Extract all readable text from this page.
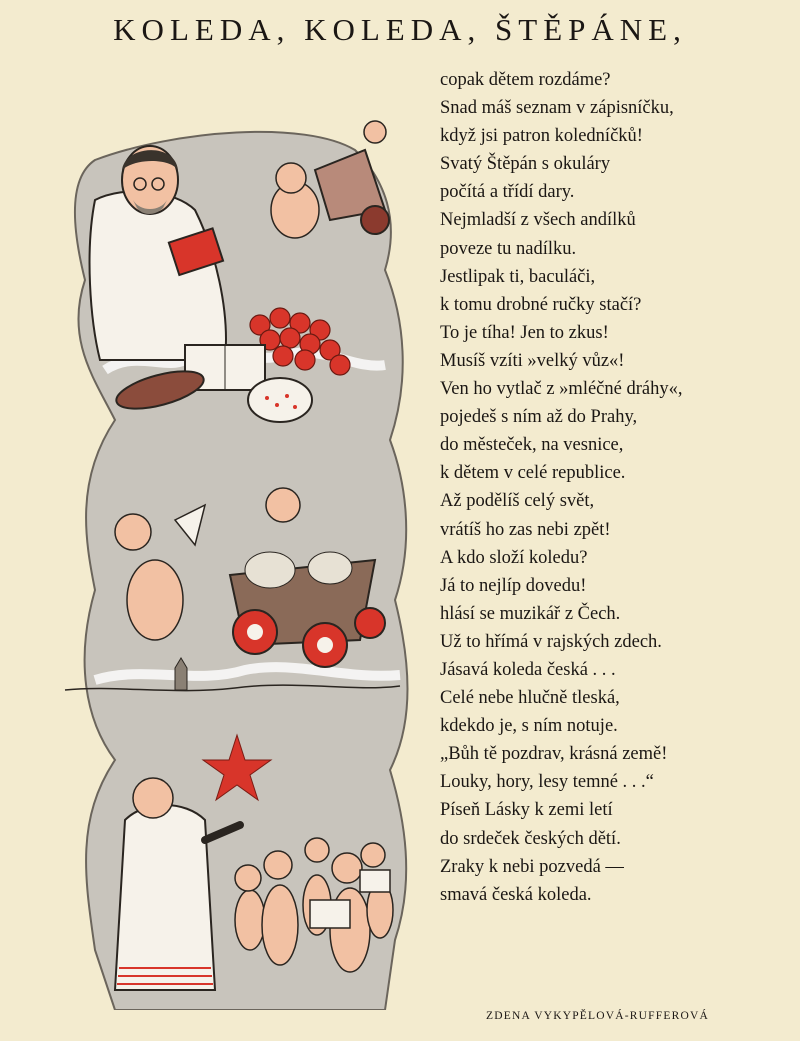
KOLEDA, KOLEDA, ŠTĚPÁNE,
copak dětem rozdáme?
Snad máš seznam v zápisníčku,
když jsi patron koledníčků!
Svatý Štěpán s okuláry
počítá a třídí dary.
Nejmladší z všech andílků
poveze tu nadílku.
Jestlipak ti, baculáči,
k tomu drobné ručky stačí?
To je tíha! Jen to zkus!
Musíš vzíti »velký vůz«!
Ven ho vytlač z »mléčné dráhy«,
pojedeš s ním až do Prahy,
do městeček, na vesnice,
k dětem v celé republice.
Až podělíš celý svět,
vrátíš ho zas nebi zpět!
A kdo složí koledu?
Já to nejlíp dovedu!
hlásí se muzikář z Čech.
Už to hřímá v rajských zdech.
Jásavá koleda česká . . .
Celé nebe hlučně tleská,
kdekdo je, s ním notuje.
„Bůh tě pozdrav, krásná země!
Louky, hory, lesy temné . . .“
Píseň Lásky k zemi letí
do srdeček českých dětí.
Zraky k nebi pozvedá —
smavá česká koleda.
ZDENA VYKYPĚLOVÁ-RUFFEROVÁ
